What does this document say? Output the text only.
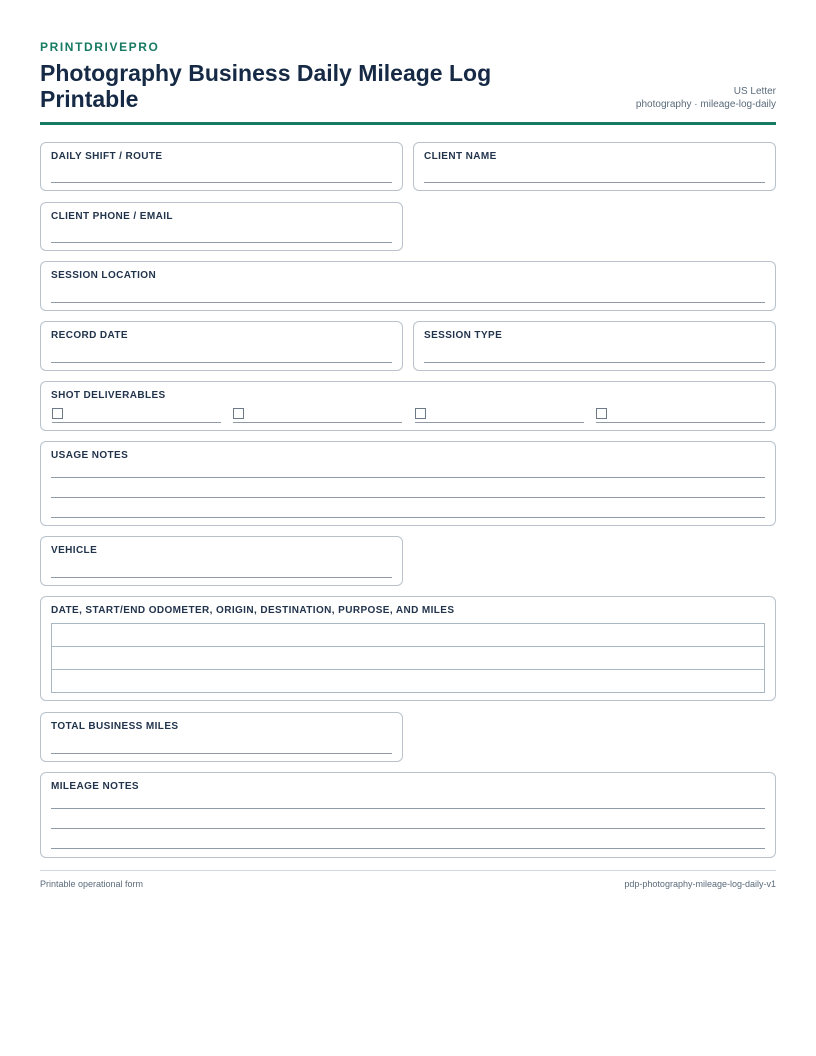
PRINTDRIVEPRO
Photography Business Daily Mileage Log Printable	US Letter
photography · mileage-log-daily
DAILY SHIFT / ROUTE	CLIENT NAME
CLIENT PHONE / EMAIL
SESSION LOCATION
RECORD DATE	SESSION TYPE
SHOT DELIVERABLES
USAGE NOTES
VEHICLE
DATE, START/END ODOMETER, ORIGIN, DESTINATION, PURPOSE, AND MILES

TOTAL BUSINESS MILES
MILEAGE NOTES
Printable operational form	pdp-photography-mileage-log-daily-v1
